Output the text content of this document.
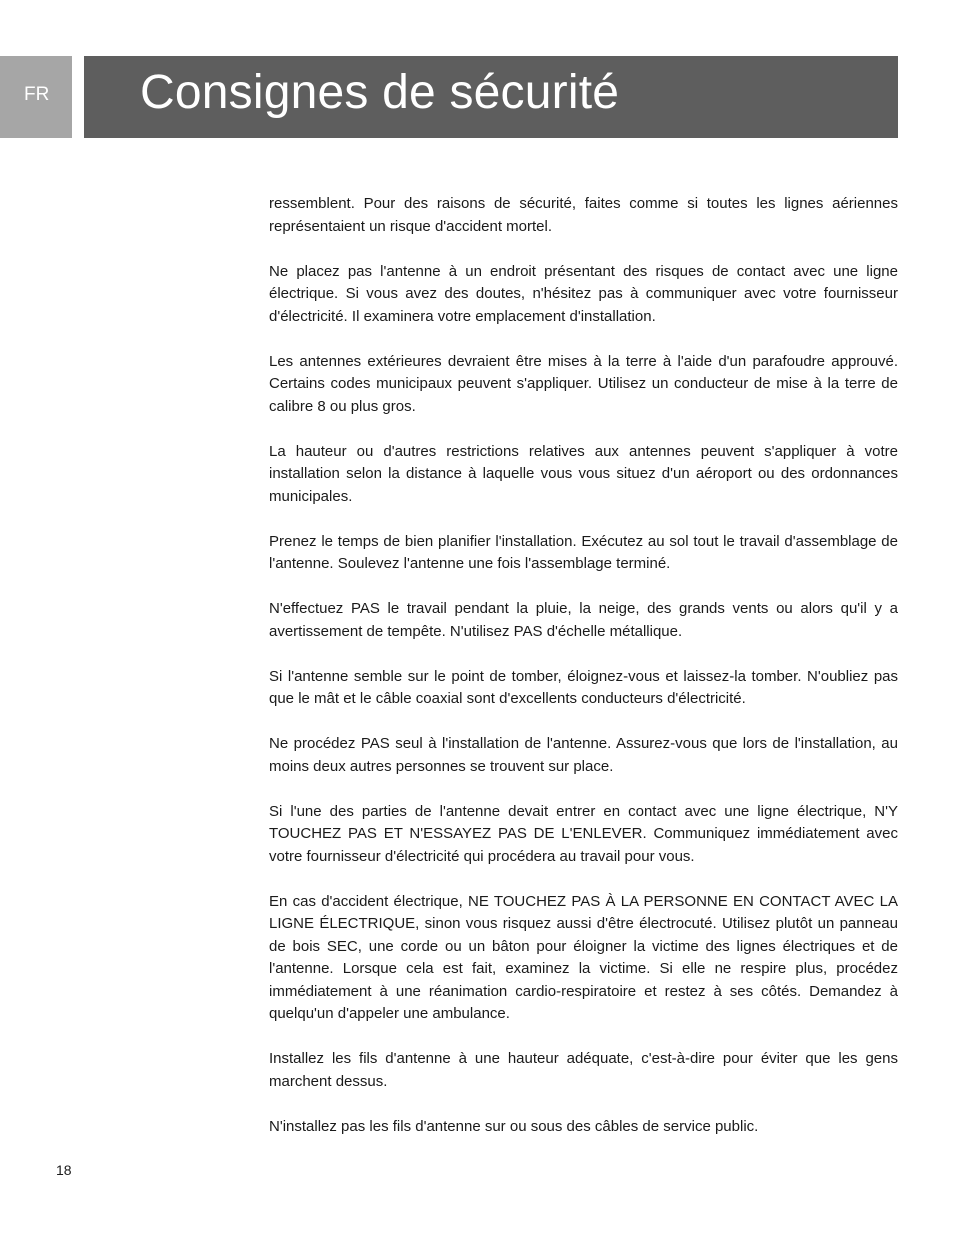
FR	Consignes de sécurité

ressemblent. Pour des raisons de sécurité, faites comme si toutes les lignes aériennes représentaient un risque d'accident mortel.

Ne placez pas l'antenne à un endroit présentant des risques de contact avec une ligne électrique. Si vous avez des doutes, n'hésitez pas à communiquer avec votre fournisseur d'électricité. Il examinera votre emplacement d'installation.

Les antennes extérieures devraient être mises à la terre à l'aide d'un parafoudre approuvé. Certains codes municipaux peuvent s'appliquer. Utilisez un conducteur de mise à la terre de calibre 8 ou plus gros.

La hauteur ou d'autres restrictions relatives aux antennes peuvent s'appliquer à votre installation selon la distance à laquelle vous vous situez d'un aéroport ou des ordonnances municipales.

Prenez le temps de bien planifier l'installation. Exécutez au sol tout le travail d'assemblage de l'antenne. Soulevez l'antenne une fois l'assemblage terminé.

N'effectuez PAS le travail pendant la pluie, la neige, des grands vents ou alors qu'il y a avertissement de tempête. N'utilisez PAS d'échelle métallique.

Si l'antenne semble sur le point de tomber, éloignez-vous et laissez-la tomber. N'oubliez pas que le mât et le câble coaxial sont d'excellents conducteurs d'électricité.

Ne procédez PAS seul à l'installation de l'antenne. Assurez-vous que lors de l'installation, au moins deux autres personnes se trouvent sur place.

Si l'une des parties de l'antenne devait entrer en contact avec une ligne électrique, N'Y TOUCHEZ PAS ET N'ESSAYEZ PAS DE L'ENLEVER. Communiquez immédiatement avec votre fournisseur d'électricité qui procédera au travail pour vous.

En cas d'accident électrique, NE TOUCHEZ PAS À LA PERSONNE EN CONTACT AVEC LA LIGNE ÉLECTRIQUE, sinon vous risquez aussi d'être électrocuté. Utilisez plutôt un panneau de bois SEC, une corde ou un bâton pour éloigner la victime des lignes électriques et de l'antenne. Lorsque cela est fait, examinez la victime. Si elle ne respire plus, procédez immédiatement à une réanimation cardio-respiratoire et restez à ses côtés. Demandez à quelqu'un d'appeler une ambulance.

Installez les fils d'antenne à une hauteur adéquate, c'est-à-dire pour éviter que les gens marchent dessus.

N'installez pas les fils d'antenne sur ou sous des câbles de service public.

18
